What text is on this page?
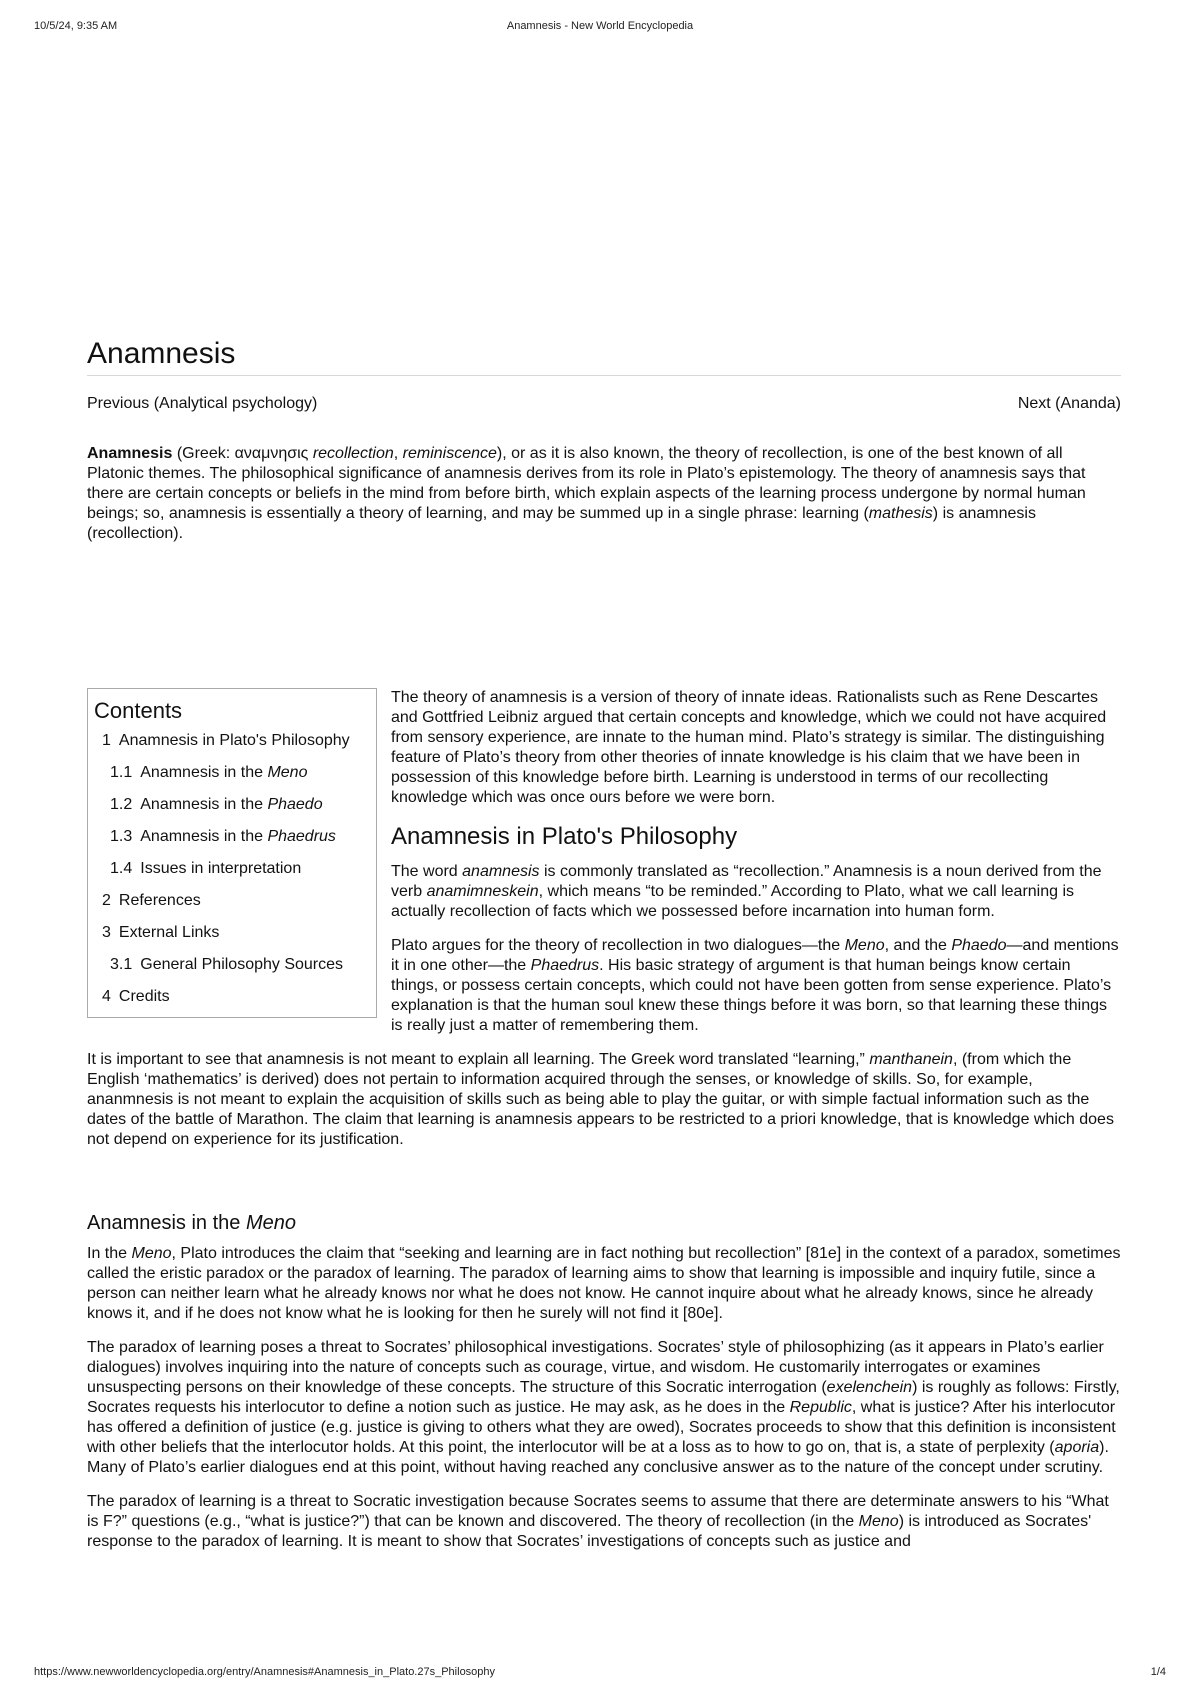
10/5/24, 9:35 AM	Anamnesis - New World Encyclopedia
Anamnesis
Previous (Analytical psychology)	Next (Ananda)

Anamnesis (Greek: αναμνησις recollection, reminiscence), or as it is also known, the theory of recollection, is one of the best known of all Platonic themes. The philosophical significance of anamnesis derives from its role in Plato’s epistemology. The theory of anamnesis says that there are certain concepts or beliefs in the mind from before birth, which explain aspects of the learning process undergone by normal human beings; so, anamnesis is essentially a theory of learning, and may be summed up in a single phrase: learning (mathesis) is anamnesis (recollection).

Contents
1 Anamnesis in Plato's Philosophy
1.1 Anamnesis in the Meno
1.2 Anamnesis in the Phaedo
1.3 Anamnesis in the Phaedrus
1.4 Issues in interpretation
2 References
3 External Links
3.1 General Philosophy Sources
4 Credits

The theory of anamnesis is a version of theory of innate ideas. Rationalists such as Rene Descartes and Gottfried Leibniz argued that certain concepts and knowledge, which we could not have acquired from sensory experience, are innate to the human mind. Plato’s strategy is similar. The distinguishing feature of Plato’s theory from other theories of innate knowledge is his claim that we have been in possession of this knowledge before birth. Learning is understood in terms of our recollecting knowledge which was once ours before we were born.

Anamnesis in Plato's Philosophy

The word anamnesis is commonly translated as “recollection.” Anamnesis is a noun derived from the verb anamimneskein, which means “to be reminded.” According to Plato, what we call learning is actually recollection of facts which we possessed before incarnation into human form.

Plato argues for the theory of recollection in two dialogues—the Meno, and the Phaedo—and mentions it in one other—the Phaedrus. His basic strategy of argument is that human beings know certain things, or possess certain concepts, which could not have been gotten from sense experience. Plato’s explanation is that the human soul knew these things before it was born, so that learning these things is really just a matter of remembering them.

It is important to see that anamnesis is not meant to explain all learning. The Greek word translated “learning,” manthanein, (from which the English ‘mathematics’ is derived) does not pertain to information acquired through the senses, or knowledge of skills. So, for example, ananmnesis is not meant to explain the acquisition of skills such as being able to play the guitar, or with simple factual information such as the dates of the battle of Marathon. The claim that learning is anamnesis appears to be restricted to a priori knowledge, that is knowledge which does not depend on experience for its justification.

Anamnesis in the Meno

In the Meno, Plato introduces the claim that “seeking and learning are in fact nothing but recollection” [81e] in the context of a paradox, sometimes called the eristic paradox or the paradox of learning. The paradox of learning aims to show that learning is impossible and inquiry futile, since a person can neither learn what he already knows nor what he does not know. He cannot inquire about what he already knows, since he already knows it, and if he does not know what he is looking for then he surely will not find it [80e].

The paradox of learning poses a threat to Socrates’ philosophical investigations. Socrates’ style of philosophizing (as it appears in Plato’s earlier dialogues) involves inquiring into the nature of concepts such as courage, virtue, and wisdom. He customarily interrogates or examines unsuspecting persons on their knowledge of these concepts. The structure of this Socratic interrogation (exelenchein) is roughly as follows: Firstly, Socrates requests his interlocutor to define a notion such as justice. He may ask, as he does in the Republic, what is justice? After his interlocutor has offered a definition of justice (e.g. justice is giving to others what they are owed), Socrates proceeds to show that this definition is inconsistent with other beliefs that the interlocutor holds. At this point, the interlocutor will be at a loss as to how to go on, that is, a state of perplexity (aporia). Many of Plato’s earlier dialogues end at this point, without having reached any conclusive answer as to the nature of the concept under scrutiny.

The paradox of learning is a threat to Socratic investigation because Socrates seems to assume that there are determinate answers to his “What is F?” questions (e.g., “what is justice?”) that can be known and discovered. The theory of recollection (in the Meno) is introduced as Socrates' response to the paradox of learning. It is meant to show that Socrates’ investigations of concepts such as justice and

https://www.newworldencyclopedia.org/entry/Anamnesis#Anamnesis_in_Plato.27s_Philosophy	1/4
